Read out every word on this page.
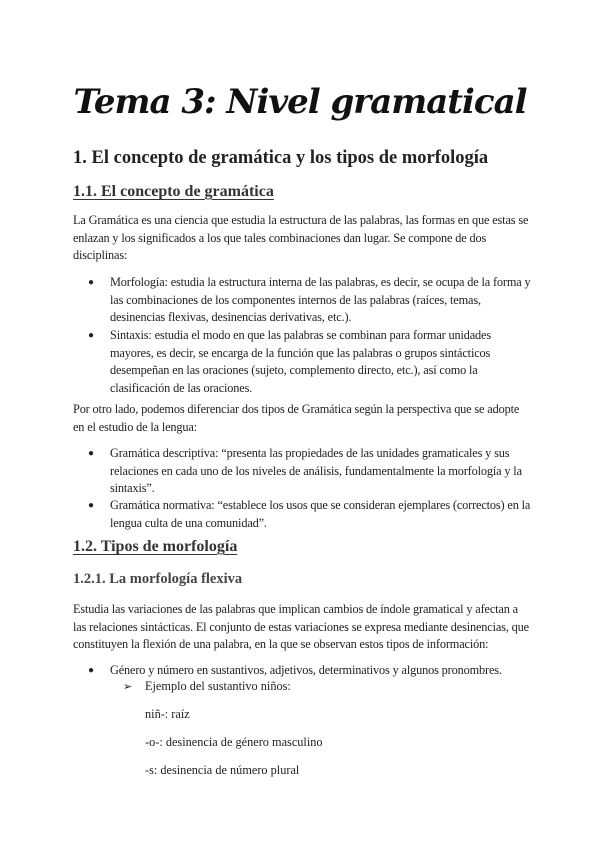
Tema 3: Nivel gramatical
1. El concepto de gramática y los tipos de morfología
1.1. El concepto de gramática

La Gramática es una ciencia que estudia la estructura de las palabras, las formas en que estas se enlazan y los significados a los que tales combinaciones dan lugar. Se compone de dos disciplinas:

● Morfología: estudia la estructura interna de las palabras, es decir, se ocupa de la forma y las combinaciones de los componentes internos de las palabras (raíces, temas, desinencias flexivas, desinencias derivativas, etc.).
● Sintaxis: estudia el modo en que las palabras se combinan para formar unidades mayores, es decir, se encarga de la función que las palabras o grupos sintácticos desempeñan en las oraciones (sujeto, complemento directo, etc.), así como la clasificación de las oraciones.

Por otro lado, podemos diferenciar dos tipos de Gramática según la perspectiva que se adopte en el estudio de la lengua:

● Gramática descriptiva: “presenta las propiedades de las unidades gramaticales y sus relaciones en cada uno de los niveles de análisis, fundamentalmente la morfología y la sintaxis”.
● Gramática normativa: “establece los usos que se consideran ejemplares (correctos) en la lengua culta de una comunidad”.
1.2. Tipos de morfología
1.2.1. La morfología flexiva

Estudia las variaciones de las palabras que implican cambios de índole gramatical y afectan a las relaciones sintácticas. El conjunto de estas variaciones se expresa mediante desinencias, que constituyen la flexión de una palabra, en la que se observan estos tipos de información:

● Género y número en sustantivos, adjetivos, determinativos y algunos pronombres.
➢ Ejemplo del sustantivo niños:

niñ-: raíz

-o-: desinencia de género masculino

-s: desinencia de número plural
